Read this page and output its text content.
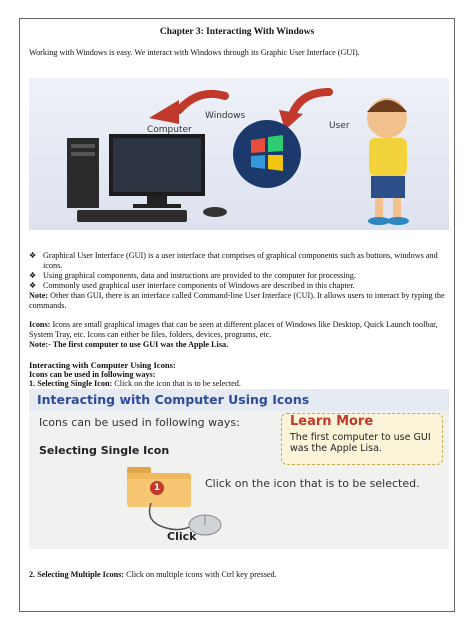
Chapter 3: Interacting With Windows
Working with Windows is easy. We interact with Windows through its Graphic User Interface (GUI).
Windows
Computer	User
❖ Graphical User Interface (GUI) is a user interface that comprises of graphical components such as buttons, windows and icons.
❖ Using graphical components, data and instructions are provided to the computer for processing.
❖ Commonly used graphical user interface components of Windows are described in this chapter.
Note: Other than GUI, there is an interface called Command-line User Interface (CUI). It allows users to interact by typing the commands.
Icons: Icons are small graphical images that can be seen at different places of Windows like Desktop, Quick Launch toolbar, System Tray, etc. Icons can either be files, folders, devices, programs, etc.
Note:- The first computer to use GUI was the Apple Lisa.
Interacting with Computer Using Icons:
Icons can be used in following ways:
1. Selecting Single Icon: Click on the icon that is to be selected.
Interacting with Computer Using Icons
Icons can be used in following ways:	Learn More
The first computer to use GUI was the Apple Lisa.
Selecting Single Icon
1	Click on the icon that is to be selected.
Click
2. Selecting Multiple Icons: Click on multiple icons with Ctrl key pressed.
